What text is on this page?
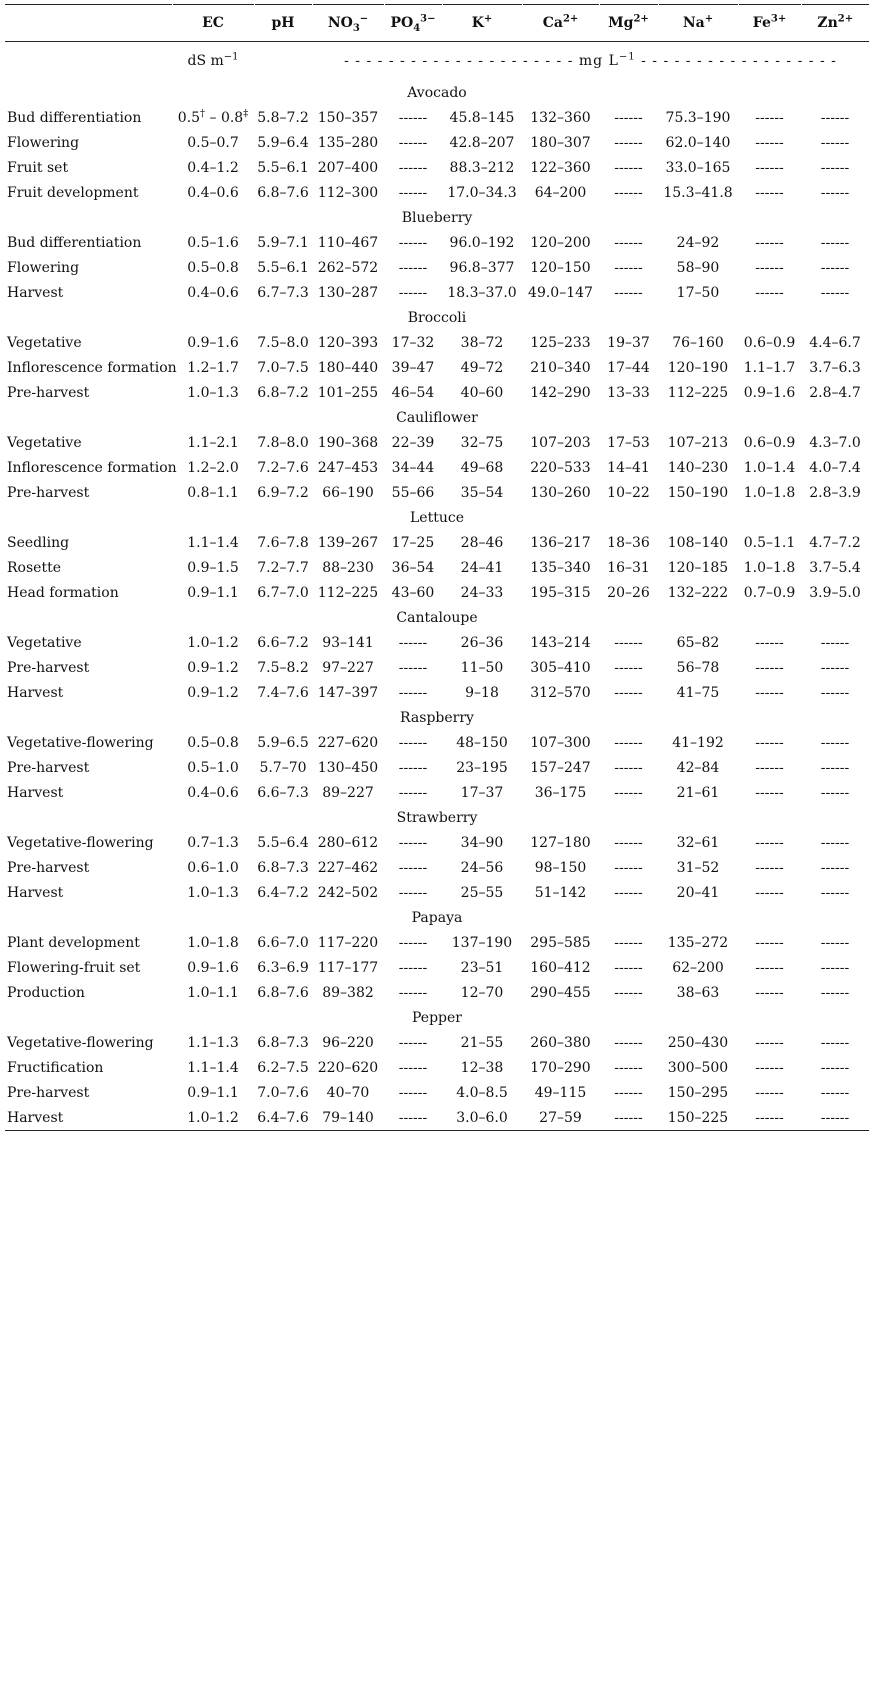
	EC	pH	$NO_3^-$	$PO_4^{3-}$	K+	$Ca^{2+}$	$Mg^{2+}$	Na+	$Fe^{3+}$	$Zn^{2+}$
	dS $m^{-1}$		- - - - - - - - - - - - - - - - - - - - - mg $L^{-1}$ - - - - - - - - - - - - - - - - - -							
Avocado										
Bud differentiation	0.5† – 0.8‡	5.8–7.2	150–357	------	45.8–145	132–360	------	75.3–190	------	------
Flowering	0.5–0.7	5.9–6.4	135–280	------	42.8–207	180–307	------	62.0–140	------	------
Fruit set	0.4–1.2	5.5–6.1	207–400	------	88.3–212	122–360	------	33.0–165	------	------
Fruit development	0.4–0.6	6.8–7.6	112–300	------	17.0–34.3	64–200	------	15.3–41.8	------	------
Blueberry										
Bud differentiation	0.5–1.6	5.9–7.1	110–467	------	96.0–192	120–200	------	24–92	------	------
Flowering	0.5–0.8	5.5–6.1	262–572	------	96.8–377	120–150	------	58–90	------	------
Harvest	0.4–0.6	6.7–7.3	130–287	------	18.3–37.0	49.0–147	------	17–50	------	------
Broccoli										
Vegetative	0.9–1.6	7.5–8.0	120–393	17–32	38–72	125–233	19–37	76–160	0.6–0.9	4.4–6.7
Inflorescence formation	1.2–1.7	7.0–7.5	180–440	39–47	49–72	210–340	17–44	120–190	1.1–1.7	3.7–6.3
Pre-harvest	1.0–1.3	6.8–7.2	101–255	46–54	40–60	142–290	13–33	112–225	0.9–1.6	2.8–4.7
Cauliflower										
Vegetative	1.1–2.1	7.8–8.0	190–368	22–39	32–75	107–203	17–53	107–213	0.6–0.9	4.3–7.0
Inflorescence formation	1.2–2.0	7.2–7.6	247–453	34–44	49–68	220–533	14–41	140–230	1.0–1.4	4.0–7.4
Pre-harvest	0.8–1.1	6.9–7.2	66–190	55–66	35–54	130–260	10–22	150–190	1.0–1.8	2.8–3.9
Lettuce										
Seedling	1.1–1.4	7.6–7.8	139–267	17–25	28–46	136–217	18–36	108–140	0.5–1.1	4.7–7.2
Rosette	0.9–1.5	7.2–7.7	88–230	36–54	24–41	135–340	16–31	120–185	1.0–1.8	3.7–5.4
Head formation	0.9–1.1	6.7–7.0	112–225	43–60	24–33	195–315	20–26	132–222	0.7–0.9	3.9–5.0
Cantaloupe										
Vegetative	1.0–1.2	6.6–7.2	93–141	------	26–36	143–214	------	65–82	------	------
Pre-harvest	0.9–1.2	7.5–8.2	97–227	------	11–50	305–410	------	56–78	------	------
Harvest	0.9–1.2	7.4–7.6	147–397	------	9–18	312–570	------	41–75	------	------
Raspberry										
Vegetative-flowering	0.5–0.8	5.9–6.5	227–620	------	48–150	107–300	------	41–192	------	------
Pre-harvest	0.5–1.0	5.7–70	130–450	------	23–195	157–247	------	42–84	------	------
Harvest	0.4–0.6	6.6–7.3	89–227	------	17–37	36–175	------	21–61	------	------
Strawberry										
Vegetative-flowering	0.7–1.3	5.5–6.4	280–612	------	34–90	127–180	------	32–61	------	------
Pre-harvest	0.6–1.0	6.8–7.3	227–462	------	24–56	98–150	------	31–52	------	------
Harvest	1.0–1.3	6.4–7.2	242–502	------	25–55	51–142	------	20–41	------	------
Papaya										
Plant development	1.0–1.8	6.6–7.0	117–220	------	137–190	295–585	------	135–272	------	------
Flowering-fruit set	0.9–1.6	6.3–6.9	117–177	------	23–51	160–412	------	62–200	------	------
Production	1.0–1.1	6.8–7.6	89–382	------	12–70	290–455	------	38–63	------	------
Pepper										
Vegetative-flowering	1.1–1.3	6.8–7.3	96–220	------	21–55	260–380	------	250–430	------	------
Fructification	1.1–1.4	6.2–7.5	220–620	------	12–38	170–290	------	300–500	------	------
Pre-harvest	0.9–1.1	7.0–7.6	40–70	------	4.0–8.5	49–115	------	150–295	------	------
Harvest	1.0–1.2	6.4–7.6	79–140	------	3.0–6.0	27–59	------	150–225	------	------
